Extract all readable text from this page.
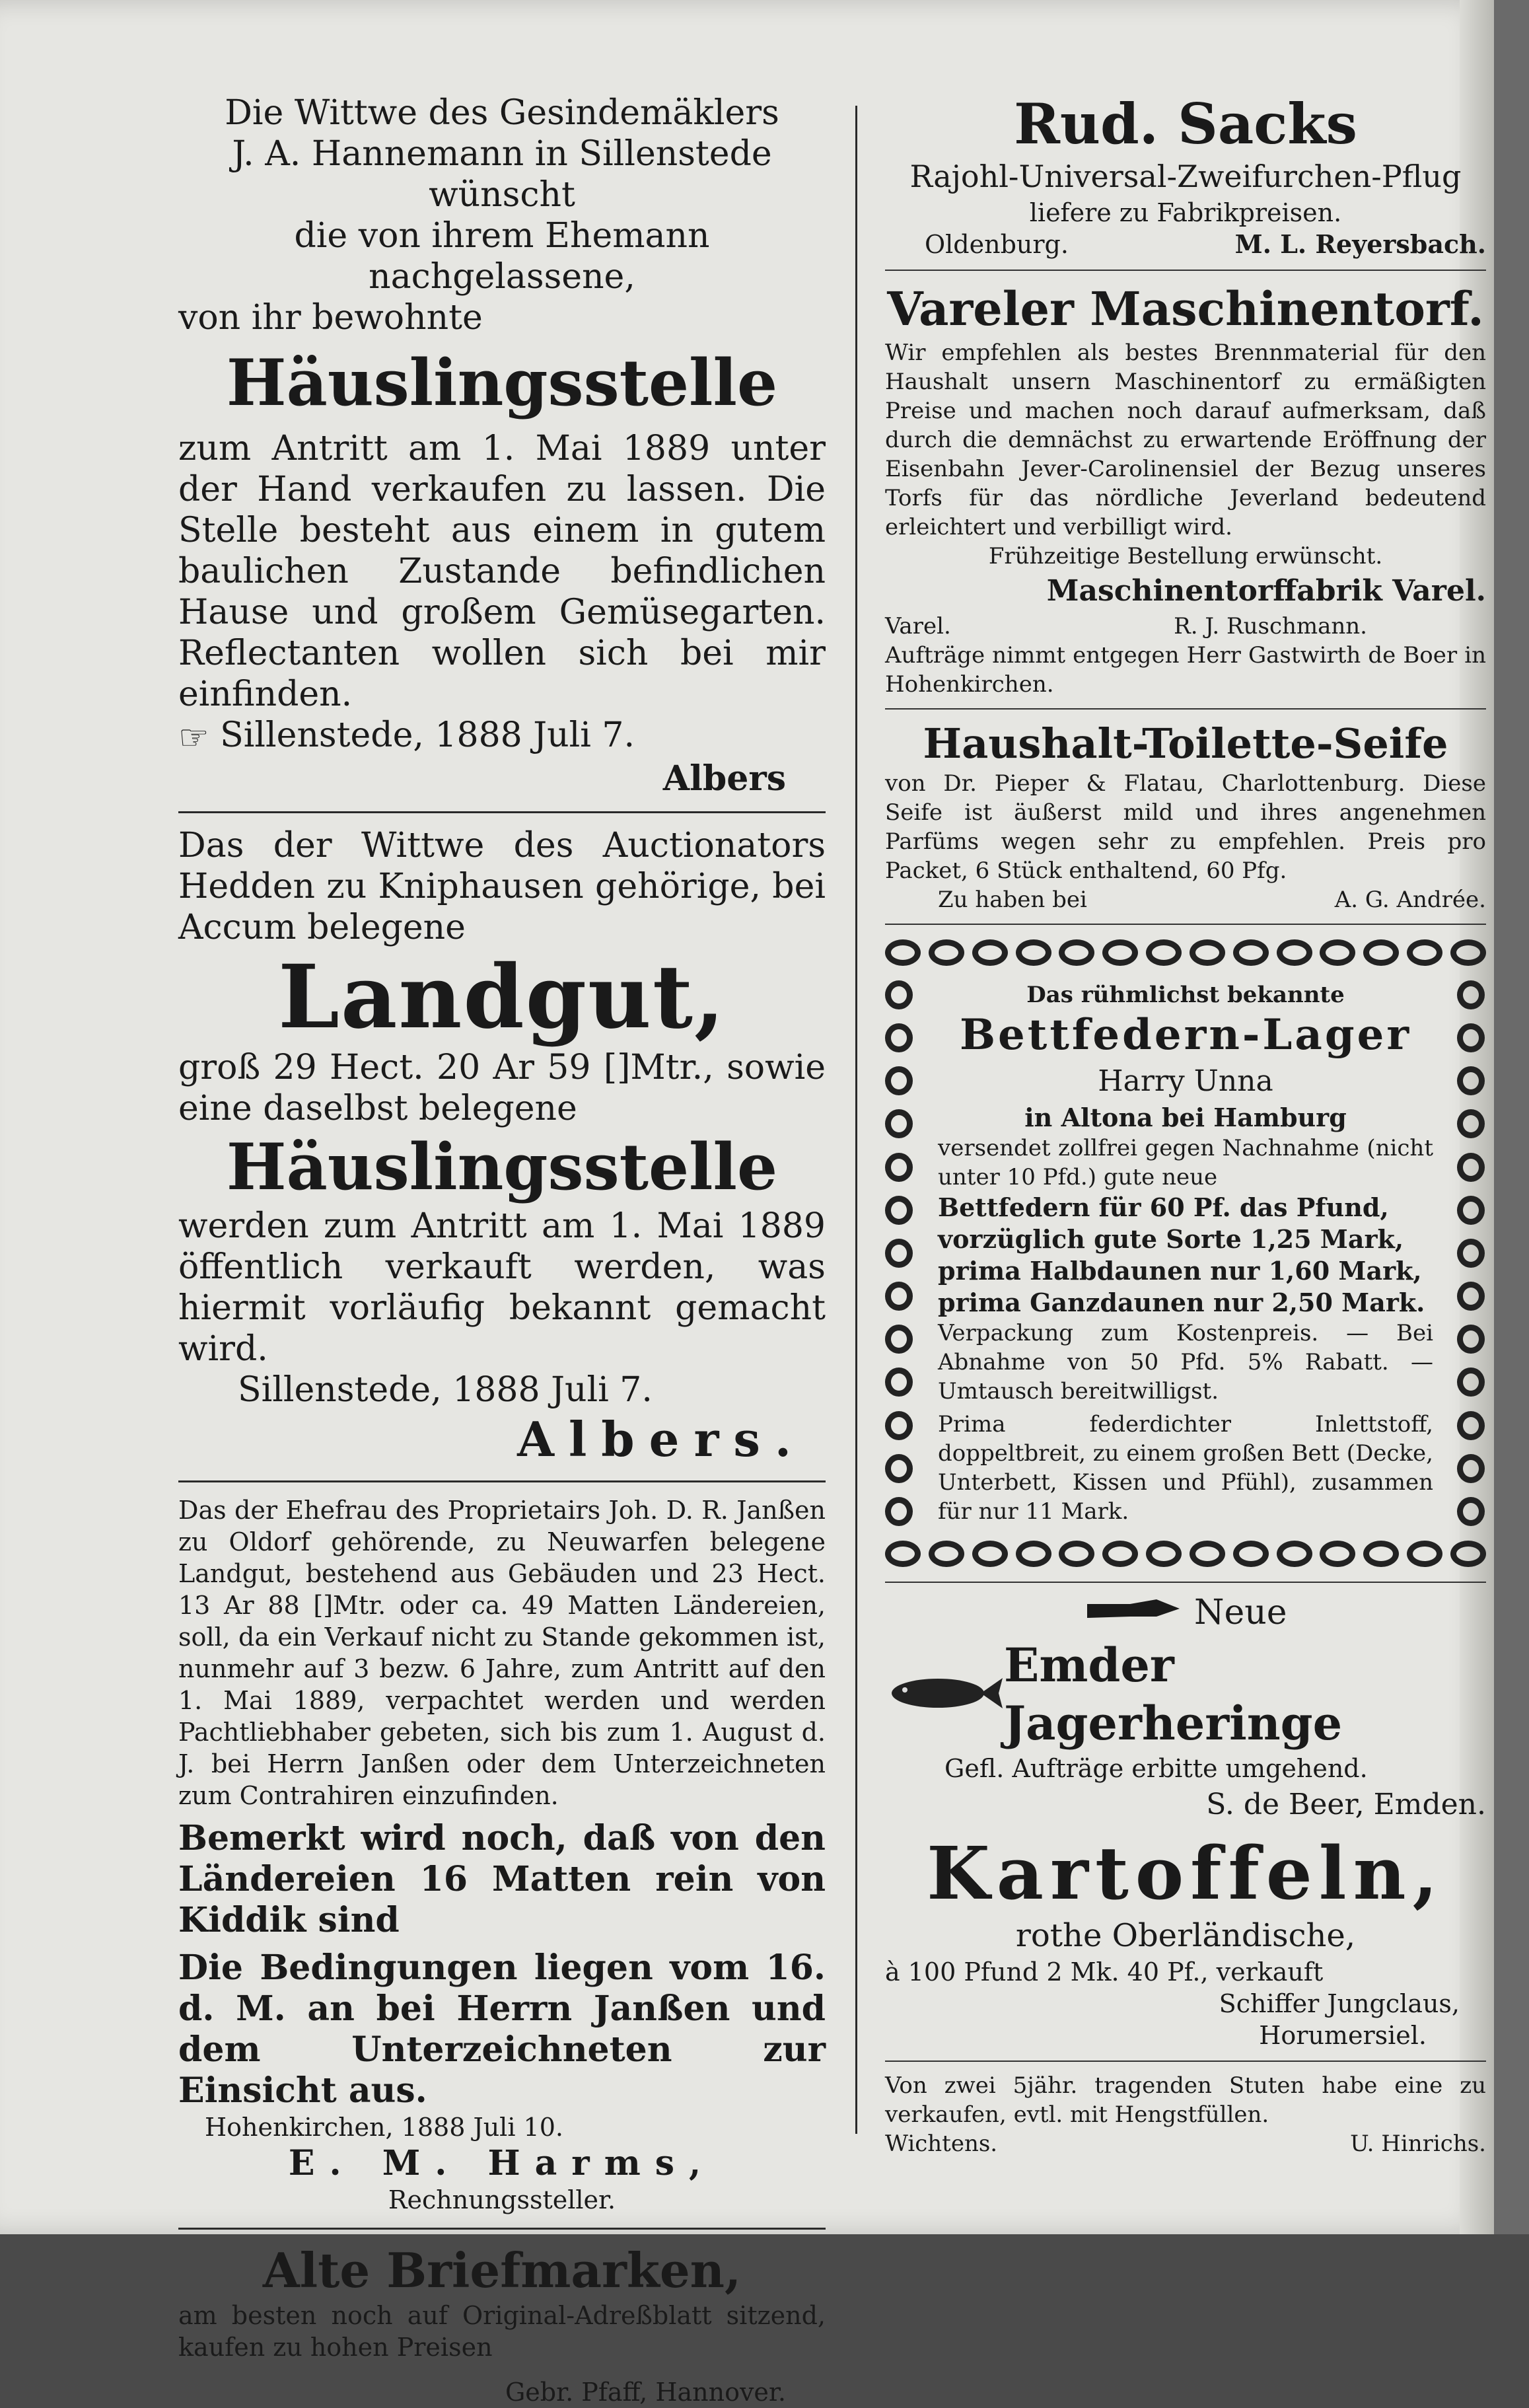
Die Wittwe des Gesindemäklers
J. A. Hannemann in Sillenstede wünscht
die von ihrem Ehemann nachgelassene,
von ihr bewohnte
Häuslingsstelle
zum Antritt am 1. Mai 1889 unter der Hand verkaufen zu lassen. Die Stelle besteht aus einem in gutem baulichen Zustande befindlichen Hause und großem Gemüsegarten. Reflectanten wollen sich bei mir einfinden.
☞ Sillenstede, 1888 Juli 7.
Albers
Das der Wittwe des Auctionators Hedden zu Kniphausen gehörige, bei Accum belegene
Landgut,
groß 29 Hect. 20 Ar 59 []Mtr., sowie eine daselbst belegene
Häuslingsstelle
werden zum Antritt am 1. Mai 1889 öffentlich verkauft werden, was hiermit vorläufig bekannt gemacht wird.
Sillenstede, 1888 Juli 7.
Albers.
Das der Ehefrau des Proprietairs Joh. D. R. Janßen zu Oldorf gehörende, zu Neuwarfen belegene Landgut, bestehend aus Gebäuden und 23 Hect. 13 Ar 88 []Mtr. oder ca. 49 Matten Ländereien, soll, da ein Verkauf nicht zu Stande gekommen ist, nunmehr auf 3 bezw. 6 Jahre, zum Antritt auf den 1. Mai 1889, verpachtet werden und werden Pachtliebhaber gebeten, sich bis zum 1. August d. J. bei Herrn Janßen oder dem Unterzeichneten zum Contrahiren einzufinden.
Bemerkt wird noch, daß von den Ländereien 16 Matten rein von Kiddik sind
Die Bedingungen liegen vom 16. d. M. an bei Herrn Janßen und dem Unterzeichneten zur Einsicht aus.
Hohenkirchen, 1888 Juli 10.
E. M. Harms,
Rechnungssteller.
Alte Briefmarken,
am besten noch auf Original-Adreßblatt sitzend, kaufen zu hohen Preisen
Gebr. Pfaff, Hannover.
Rud. Sacks
Rajohl-Universal-Zweifurchen-Pflug
liefere zu Fabrikpreisen.
Oldenburg.	M. L. Reyersbach.
Vareler Maschinentorf.
Wir empfehlen als bestes Brennmaterial für den Haushalt unsern Maschinentorf zu ermäßigten Preise und machen noch darauf aufmerksam, daß durch die demnächst zu erwartende Eröffnung der Eisenbahn Jever-Carolinensiel der Bezug unseres Torfs für das nördliche Jeverland bedeutend erleichtert und verbilligt wird.
Frühzeitige Bestellung erwünscht.
Maschinentorffabrik Varel.
Varel.	R. J. Ruschmann.
Aufträge nimmt entgegen Herr Gastwirth de Boer in Hohenkirchen.
Haushalt-Toilette-Seife
von Dr. Pieper & Flatau, Charlottenburg. Diese Seife ist äußerst mild und ihres angenehmen Parfüms wegen sehr zu empfehlen. Preis pro Packet, 6 Stück enthaltend, 60 Pfg.
Zu haben bei	A. G. Andrée.
Das rühmlichst bekannte
Bettfedern-Lager
Harry Unna
in Altona bei Hamburg
versendet zollfrei gegen Nachnahme (nicht unter 10 Pfd.) gute neue
Bettfedern für 60 Pf. das Pfund,
vorzüglich gute Sorte 1,25 Mark,
prima Halbdaunen nur 1,60 Mark,
prima Ganzdaunen nur 2,50 Mark.
Verpackung zum Kostenpreis. — Bei Abnahme von 50 Pfd. 5% Rabatt. — Umtausch bereitwilligst.
Prima federdichter Inlettstoff, doppeltbreit, zu einem großen Bett (Decke, Unterbett, Kissen und Pfühl), zusammen für nur 11 Mark.
Neue
Emder Jagerheringe
Gefl. Aufträge erbitte umgehend.
S. de Beer, Emden.
Kartoffeln,
rothe Oberländische,
à 100 Pfund 2 Mk. 40 Pf., verkauft
Schiffer Jungclaus,
Horumersiel.
Von zwei 5jähr. tragenden Stuten habe eine zu verkaufen, evtl. mit Hengstfüllen.
Wichtens.	U. Hinrichs.
